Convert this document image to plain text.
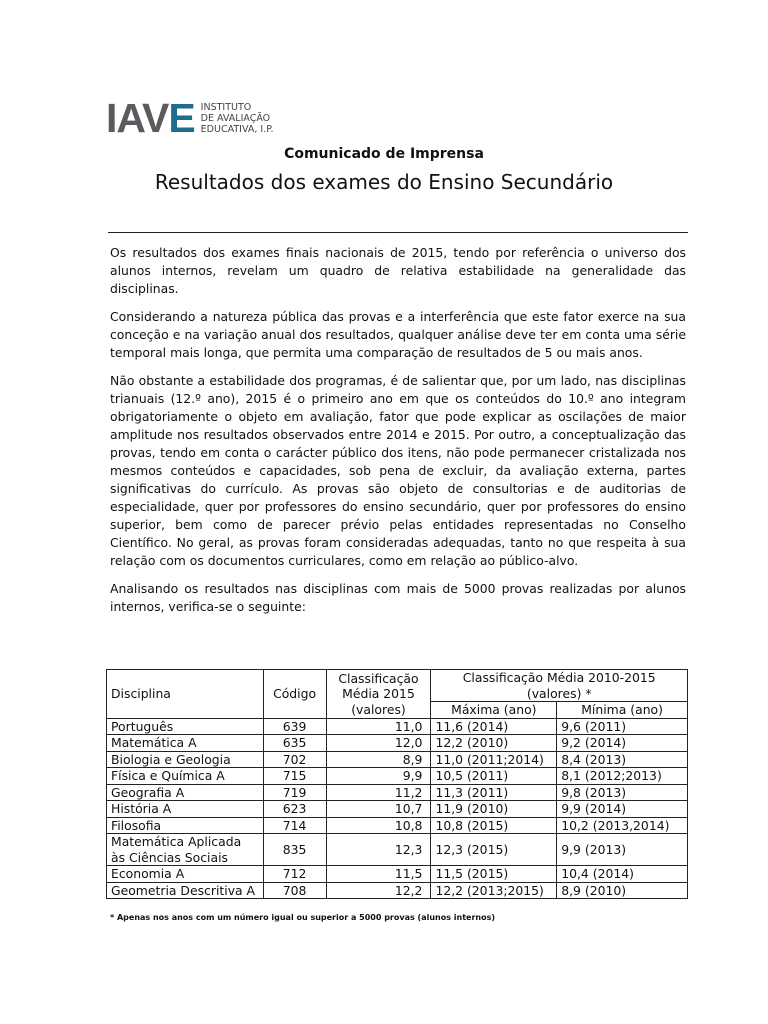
IAVE INSTITUTO
DE AVALIAÇÃO
EDUCATIVA, I.P.
Comunicado de Imprensa
Resultados dos exames do Ensino Secundário

Os resultados dos exames finais nacionais de 2015, tendo por referência o universo dos alunos internos, revelam um quadro de relativa estabilidade na generalidade das disciplinas.

Considerando a natureza pública das provas e a interferência que este fator exerce na sua conceção e na variação anual dos resultados, qualquer análise deve ter em conta uma série temporal mais longa, que permita uma comparação de resultados de 5 ou mais anos.

Não obstante a estabilidade dos programas, é de salientar que, por um lado, nas disciplinas trianuais (12.º ano), 2015 é o primeiro ano em que os conteúdos do 10.º ano integram obrigatoriamente o objeto em avaliação, fator que pode explicar as oscilações de maior amplitude nos resultados observados entre 2014 e 2015. Por outro, a conceptualização das provas, tendo em conta o carácter público dos itens, não pode permanecer cristalizada nos mesmos conteúdos e capacidades, sob pena de excluir, da avaliação externa, partes significativas do currículo. As provas são objeto de consultorias e de auditorias de especialidade, quer por professores do ensino secundário, quer por professores do ensino superior, bem como de parecer prévio pelas entidades representadas no Conselho Científico. No geral, as provas foram consideradas adequadas, tanto no que respeita à sua relação com os documentos curriculares, como em relação ao público-alvo.

Analisando os resultados nas disciplinas com mais de 5000 provas realizadas por alunos internos, verifica-se o seguinte:

Disciplina	Código	Classificação Média 2015 (valores)	Classificação Média 2010-2015 (valores) *	
			Máxima (ano)	Mínima (ano)
Português	639	11,0	11,6 (2014)	9,6 (2011)
Matemática A	635	12,0	12,2 (2010)	9,2 (2014)
Biologia e Geologia	702	8,9	11,0 (2011;2014)	8,4 (2013)
Física e Química A	715	9,9	10,5 (2011)	8,1 (2012;2013)
Geografia A	719	11,2	11,3 (2011)	9,8 (2013)
História A	623	10,7	11,9 (2010)	9,9 (2014)
Filosofia	714	10,8	10,8 (2015)	10,2 (2013,2014)
Matemática Aplicada às Ciências Sociais	835	12,3	12,3 (2015)	9,9 (2013)
Economia A	712	11,5	11,5 (2015)	10,4 (2014)
Geometria Descritiva A	708	12,2	12,2 (2013;2015)	8,9 (2010)
* Apenas nos anos com um número igual ou superior a 5000 provas (alunos internos)
